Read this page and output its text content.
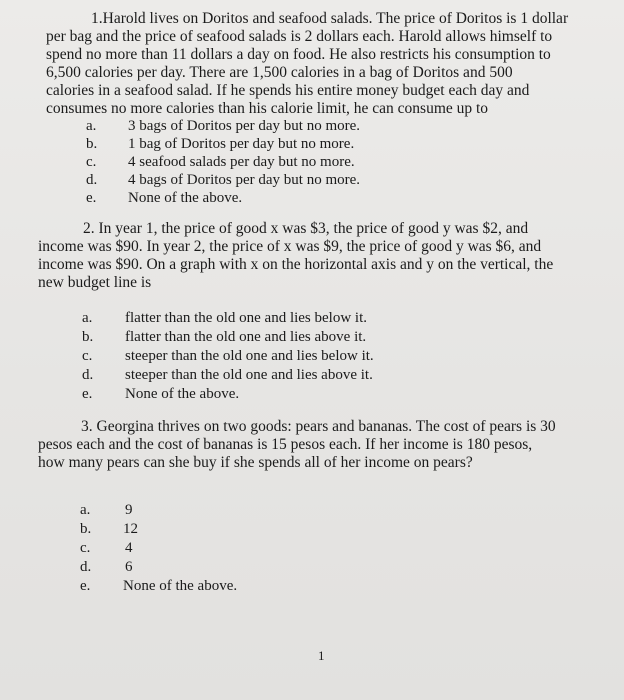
1.Harold lives on Doritos and seafood salads. The price of Doritos is 1 dollar
per bag and the price of seafood salads is 2 dollars each. Harold allows himself to
spend no more than 11 dollars a day on food. He also restricts his consumption to
6,500 calories per day. There are 1,500 calories in a bag of Doritos and 500
calories in a seafood salad. If he spends his entire money budget each day and
consumes no more calories than his calorie limit, he can consume up to
a.	3 bags of Doritos per day but no more.
b.	1 bag of Doritos per day but no more.
c.	4 seafood salads per day but no more.
d.	4 bags of Doritos per day but no more.
e.	None of the above.
2. In year 1, the price of good x was $3, the price of good y was $2, and
income was $90. In year 2, the price of x was $9, the price of good y was $6, and
income was $90. On a graph with x on the horizontal axis and y on the vertical, the
new budget line is
a.	flatter than the old one and lies below it.
b.	flatter than the old one and lies above it.
c.	steeper than the old one and lies below it.
d.	steeper than the old one and lies above it.
e.	None of the above.
3. Georgina thrives on two goods: pears and bananas. The cost of pears is 30
pesos each and the cost of bananas is 15 pesos each. If her income is 180 pesos,
how many pears can she buy if she spends all of her income on pears?
a.	9
b.	12
c.	4
d.	6
e.	None of the above.
1
